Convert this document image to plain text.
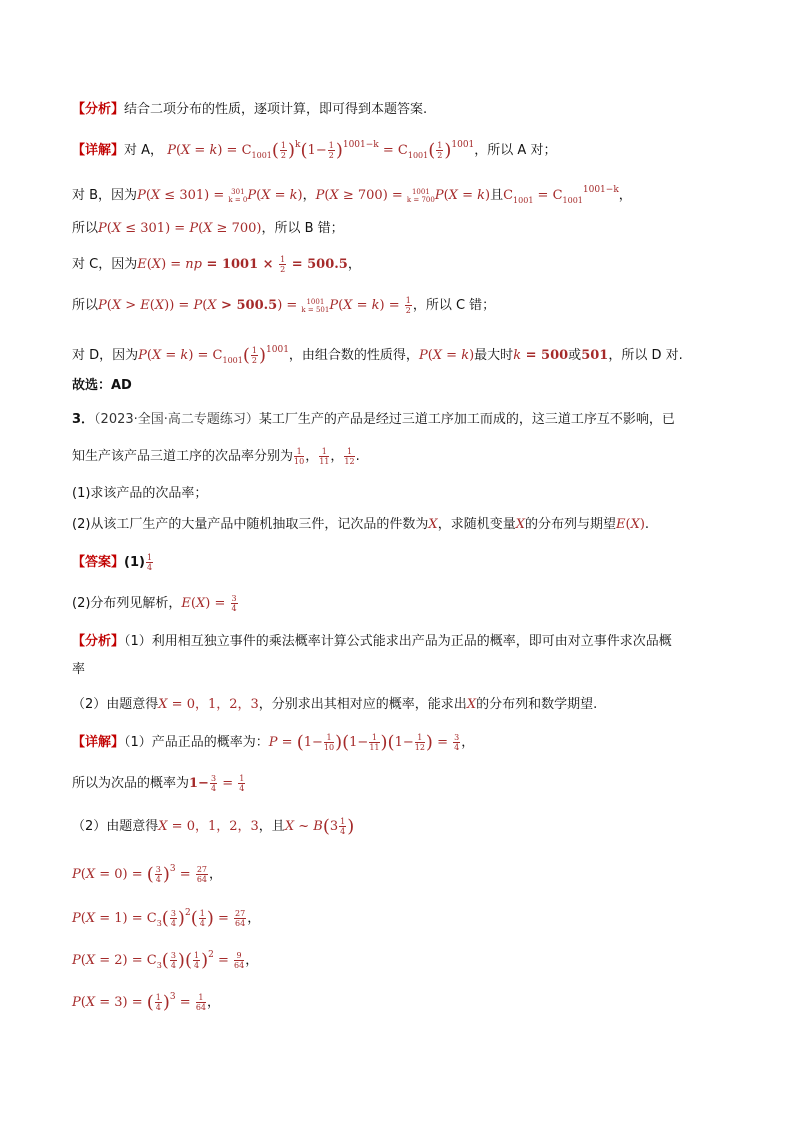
【分析】结合二项分布的性质，逐项计算，即可得到本题答案.
【详解】对 A， $P(X = k) = C_{1001}( \frac{1}{2} )^k(1- \frac{1}{2} )^{1001-k} = C_{1001}( \frac{1}{2} )^{1001}$，所以 A 对；
对 B，因为P(X ≤ 301) = 301
k = 0 P(X = k)，P(X ≥ 700) = 1001
k = 700 P(X = k)且$C_{1001} = C_{1001}^{1001-k}$，
所以P(X ≤ 301) = P(X ≥ 700)，所以 B 错；
对 C，因为E(X) = np = $1001 \times \frac{1}{2} = 500.5$，
所以P(X > E(X)) = P(X > 500.5) = 1001
k = 501 $P(X = k) = \frac{1}{2}$ ，所以 C 错；
对 D，因为$P(X = k) = C_{1001}( \frac{1}{2} )^{1001}$，由组合数的性质得，P(X = k)最大时k = 500或501，所以 D 对.
故选：AD
3．（2023·全国·高二专题练习）某工厂生产的产品是经过三道工序加工而成的，这三道工序互不影响，已
知生产该产品三道工序的次品率分别为 $\frac{1}{10}$ ， $\frac{1}{11}$ ， $\frac{1}{12}$ .
(1)求该产品的次品率；
(2)从该工厂生产的大量产品中随机抽取三件，记次品的件数为X，求随机变量X的分布列与期望E(X).
【答案】$(1) \frac{1}{4}$
(2)分布列见解析，$E(X) = \frac{3}{4}$
【分析】（1）利用相互独立事件的乘法概率计算公式能求出产品为正品的概率，即可由对立事件求次品概
率
（2）由题意得X = 0，1，2，3，分别求出其相对应的概率，能求出X的分布列和数学期望.
【详解】（1）产品正品的概率为：$P = (1- \frac{1}{10} )(1- \frac{1}{11} )(1- \frac{1}{12}$ ) = $\frac{3}{4}$ ，
所以为次品的概率为$1- \frac{3}{4} = \frac{1}{4}$
（2）由题意得X = 0，1，2，3，且X ~ $B(3 \frac{1}{4}$ )
P(X = 0) = ( $\frac{3}{4} )^3 = \frac{27}{64}$ ，
$P(X = 1) = C_3( \frac{3}{4} )^2( \frac{1}{4}$ ) = $\frac{27}{64}$ ，
$P(X = 2) = C_3( \frac{3}{4}$ )( $\frac{1}{4} )^2 = \frac{9}{64}$ ，
P(X = 3) = ( $\frac{1}{4} )^3 = \frac{1}{64}$ ，
